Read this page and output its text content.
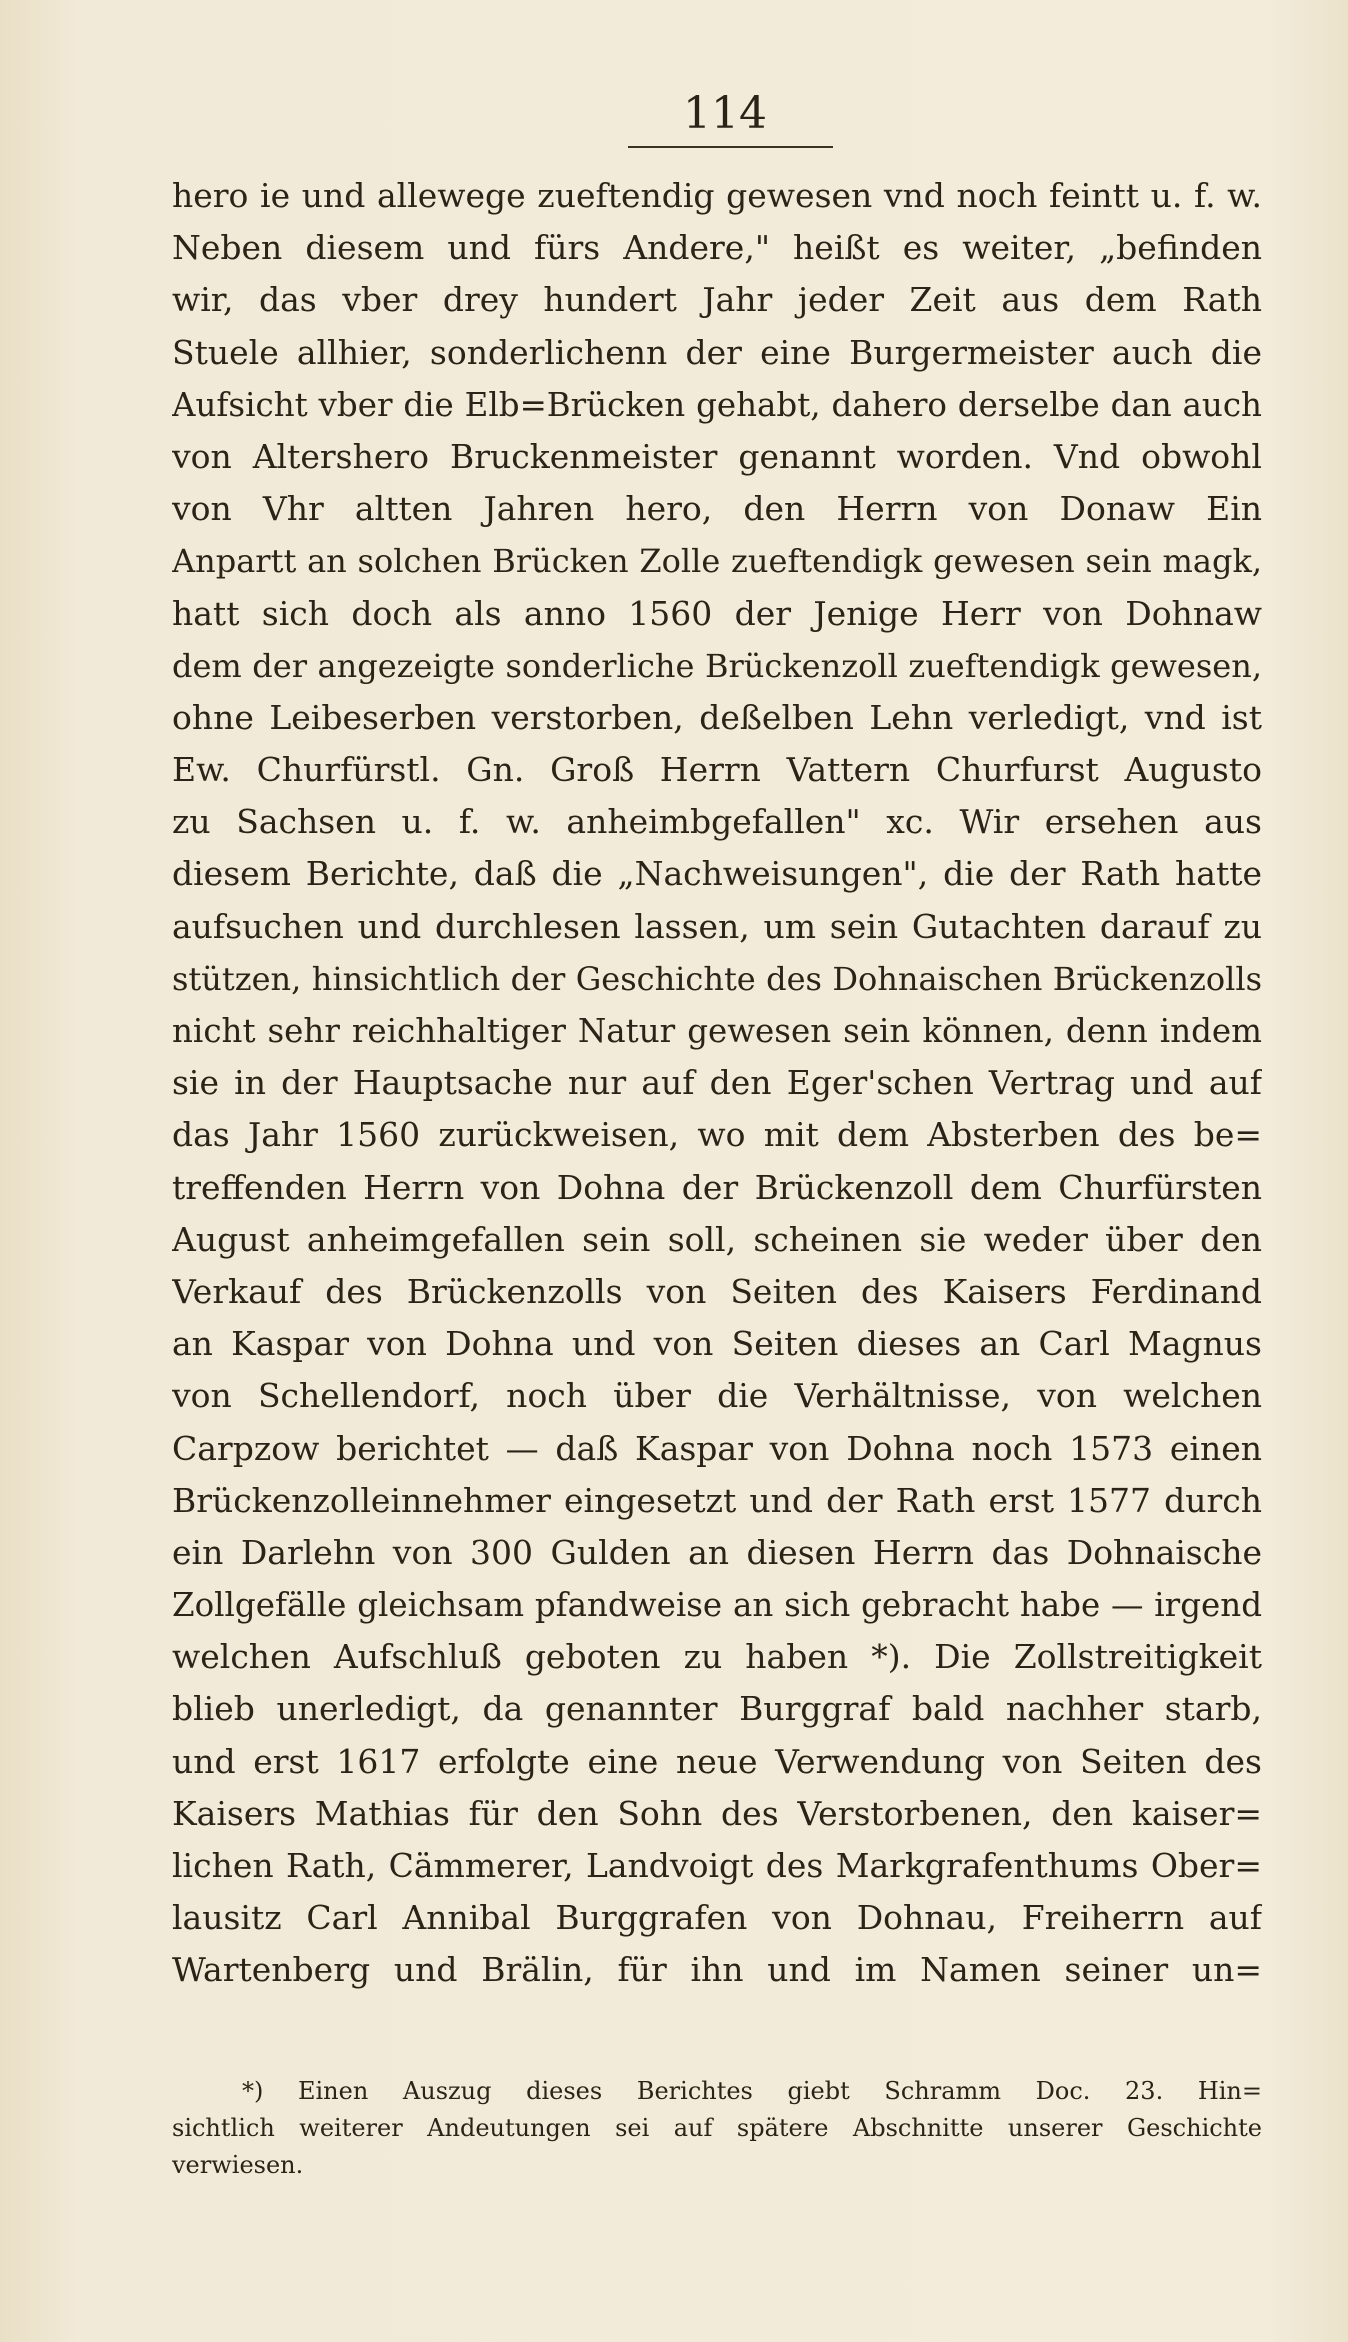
114
hero ie und allewege zueftendig gewesen vnd noch feintt u. f. w.
Neben diesem und fürs Andere," heißt es weiter, „befinden
wir, das vber drey hundert Jahr jeder Zeit aus dem Rath
Stuele allhier, sonderlichenn der eine Burgermeister auch die
Aufsicht vber die Elb=Brücken gehabt, dahero derselbe dan auch
von Altershero Bruckenmeister genannt worden. Vnd obwohl
von Vhr altten Jahren hero, den Herrn von Donaw Ein
Anpartt an solchen Brücken Zolle zueftendigk gewesen sein magk,
hatt sich doch als anno 1560 der Jenige Herr von Dohnaw
dem der angezeigte sonderliche Brückenzoll zueftendigk gewesen,
ohne Leibeserben verstorben, deßelben Lehn verledigt, vnd ist
Ew. Churfürstl. Gn. Groß Herrn Vattern Churfurst Augusto
zu Sachsen u. f. w. anheimbgefallen" xc. Wir ersehen aus
diesem Berichte, daß die „Nachweisungen", die der Rath hatte
aufsuchen und durchlesen lassen, um sein Gutachten darauf zu
stützen, hinsichtlich der Geschichte des Dohnaischen Brückenzolls
nicht sehr reichhaltiger Natur gewesen sein können, denn indem
sie in der Hauptsache nur auf den Eger'schen Vertrag und auf
das Jahr 1560 zurückweisen, wo mit dem Absterben des be=
treffenden Herrn von Dohna der Brückenzoll dem Churfürsten
August anheimgefallen sein soll, scheinen sie weder über den
Verkauf des Brückenzolls von Seiten des Kaisers Ferdinand
an Kaspar von Dohna und von Seiten dieses an Carl Magnus
von Schellendorf, noch über die Verhältnisse, von welchen
Carpzow berichtet — daß Kaspar von Dohna noch 1573 einen
Brückenzolleinnehmer eingesetzt und der Rath erst 1577 durch
ein Darlehn von 300 Gulden an diesen Herrn das Dohnaische
Zollgefälle gleichsam pfandweise an sich gebracht habe — irgend
welchen Aufschluß geboten zu haben *). Die Zollstreitigkeit
blieb unerledigt, da genannter Burggraf bald nachher starb,
und erst 1617 erfolgte eine neue Verwendung von Seiten des
Kaisers Mathias für den Sohn des Verstorbenen, den kaiser=
lichen Rath, Cämmerer, Landvoigt des Markgrafenthums Ober=
lausitz Carl Annibal Burggrafen von Dohnau, Freiherrn auf
Wartenberg und Brälin, für ihn und im Namen seiner un=
*) Einen Auszug dieses Berichtes giebt Schramm Doc. 23. Hin=
sichtlich weiterer Andeutungen sei auf spätere Abschnitte unserer Geschichte
verwiesen.
